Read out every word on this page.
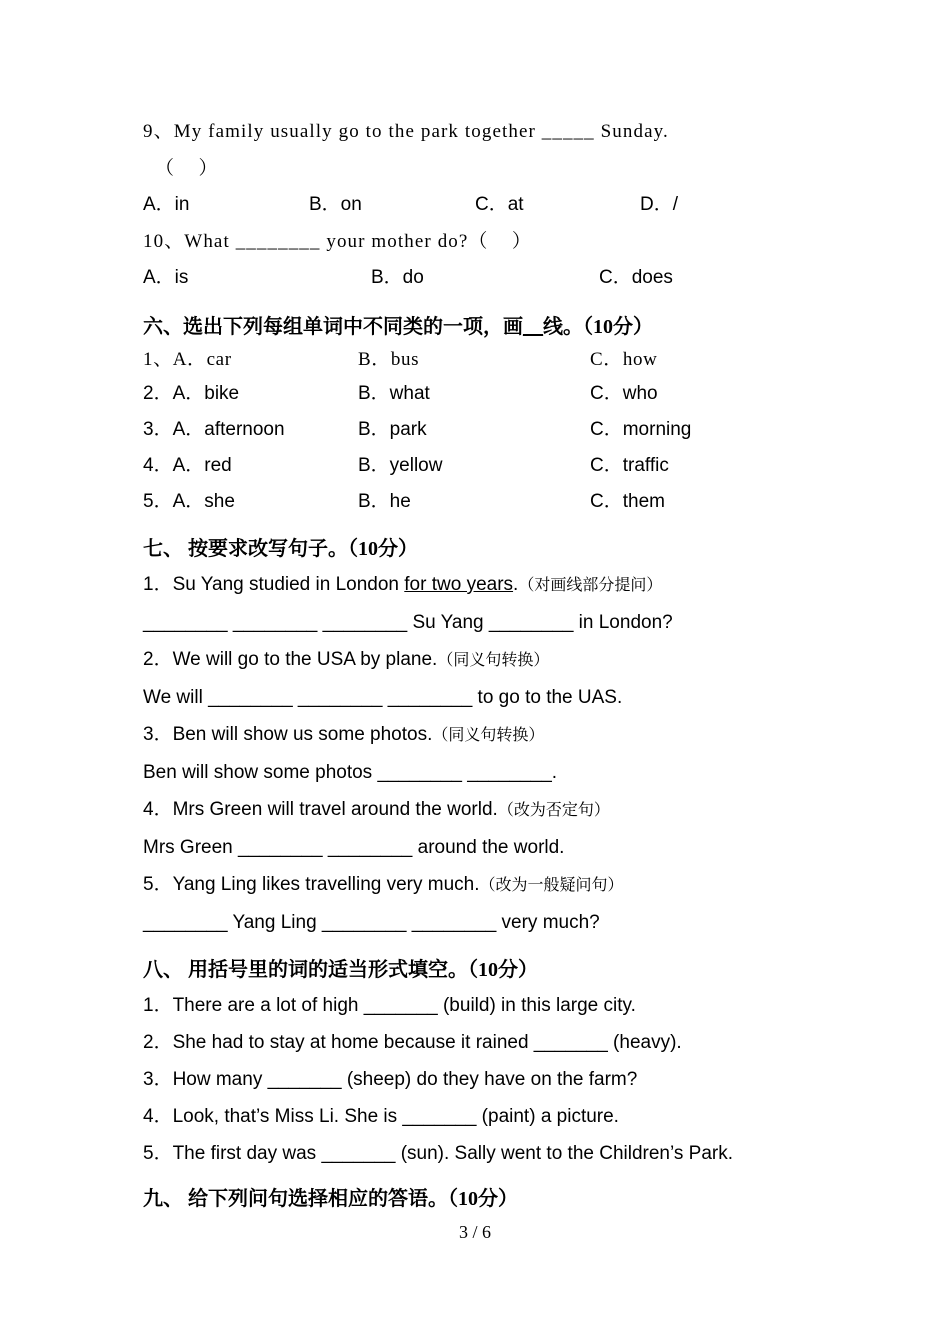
9、My family usually go to the park together _____ Sunday.
（    ）

A．in

	B．on

	C．at

	D．/

10、What ________ your mother do?（    ）

A．is

	B．do

	C．does

六、选出下列每组单词中不同类的一项，画__线。（10分）

1、A．car

	B．bus

	C．how

2．A．bike

	B．what

	C．who

3．A．afternoon

	B．park

	C．morning

4．A．red

	B．yellow

	C．traffic

5．A．she

	B．he

	C．them

七、 按要求改写句子。（10分）
1．Su Yang studied in London for two years.（对画线部分提问）
________ ________ ________ Su Yang ________ in London?
2．We will go to the USA by plane.（同义句转换）
We will ________ ________ ________ to go to the UAS.
3．Ben will show us some photos.（同义句转换）
Ben will show some photos ________ ________.
4．Mrs Green will travel around the world.（改为否定句）
Mrs Green ________ ________ around the world.
5．Yang Ling likes travelling very much.（改为一般疑问句）
________ Yang Ling ________ ________ very much?
八、 用括号里的词的适当形式填空。（10分）
1．There are a lot of high _______ (build) in this large city.
2．She had to stay at home because it rained _______ (heavy).
3．How many _______ (sheep) do they have on the farm?
4．Look, that’s Miss Li. She is _______ (paint) a picture.
5．The first day was _______ (sun). Sally went to the Children’s Park.
九、 给下列问句选择相应的答语。（10分）
3 / 6
